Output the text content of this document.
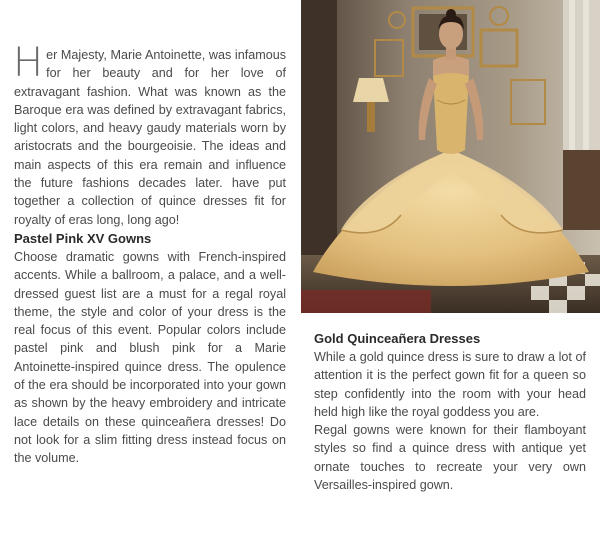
Her Majesty, Marie Antoinette, was infamous for her beauty and for her love of extravagant fashion. What was known as the Baroque era was defined by extravagant fabrics, light colors, and heavy gaudy materials worn by aristocrats and the bourgeoisie. The ideas and main aspects of this era remain and influence the future fashions decades later. have put together a collection of quince dresses fit for royalty of eras long, long ago!

Pastel Pink XV Gowns

Choose dramatic gowns with French-inspired accents. While a ballroom, a palace, and a well-dressed guest list are a must for a regal royal theme, the style and color of your dress is the real focus of this event. Popular colors include pastel pink and blush pink for a Marie Antoinette-inspired quince dress. The opulence of the era should be incorporated into your gown as shown by the heavy embroidery and intricate lace details on these quinceañera dresses! Do not look for a slim fitting dress instead focus on the volume.

Gold Quinceañera Dresses

While a gold quince dress is sure to draw a lot of attention it is the perfect gown fit for a queen so step confidently into the room with your head held high like the royal goddess you are.

Regal gowns were known for their flamboyant styles so find a quince dress with antique yet ornate touches to recreate your very own Versailles-inspired gown.
